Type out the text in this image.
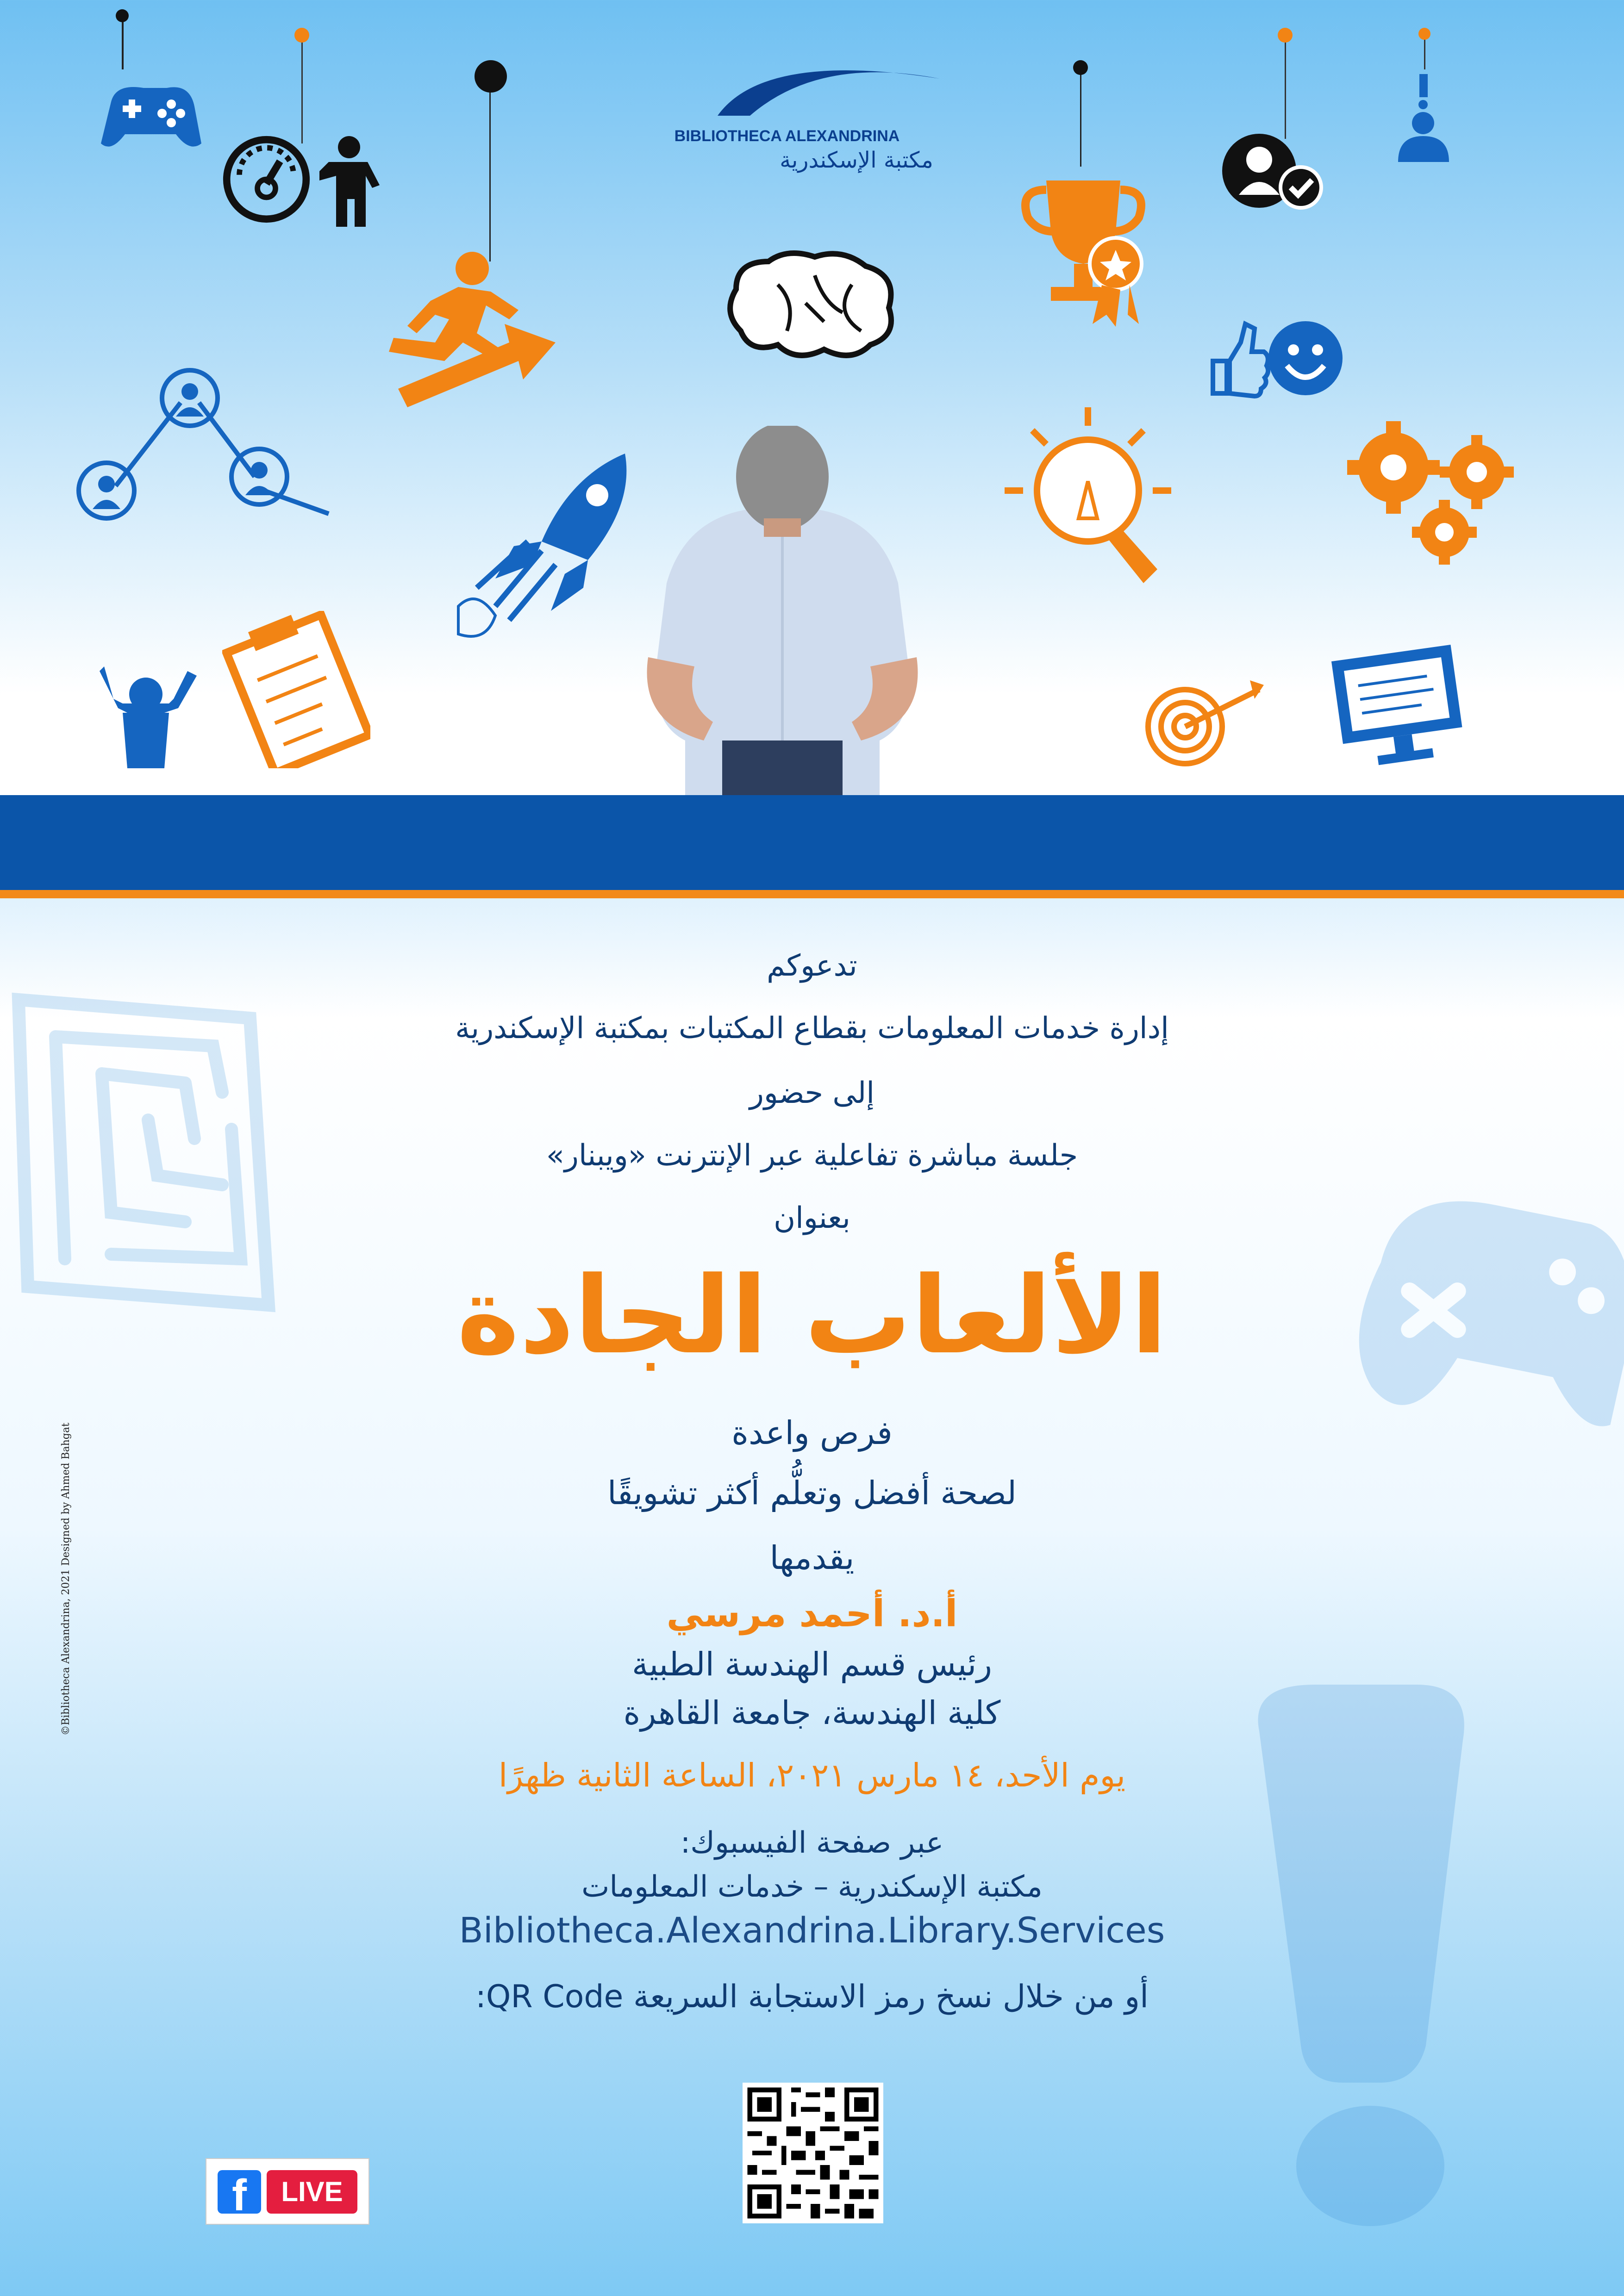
BIBLIOTHECA ALEXANDRINA
مكتبة الإسكندرية
تدعوكم
إدارة خدمات المعلومات بقطاع المكتبات بمكتبة الإسكندرية
إلى حضور
جلسة مباشرة تفاعلية عبر الإنترنت «ويبنار»
بعنوان
الألعاب الجادة
فرص واعدة
لصحة أفضل وتعلُّم أكثر تشويقًا
يقدمها
أ.د. أحمد مرسي
رئيس قسم الهندسة الطبية
كلية الهندسة، جامعة القاهرة
يوم الأحد، ١٤ مارس ٢٠٢١، الساعة الثانية ظهرًا
عبر صفحة الفيسبوك:
مكتبة الإسكندرية – خدمات المعلومات
Bibliotheca.Alexandrina.Library.Services
أو من خلال نسخ رمز الاستجابة السريعة QR Code:
f	LIVE
©Bibliotheca Alexandrina, 2021 Designed by Ahmed Bahgat
